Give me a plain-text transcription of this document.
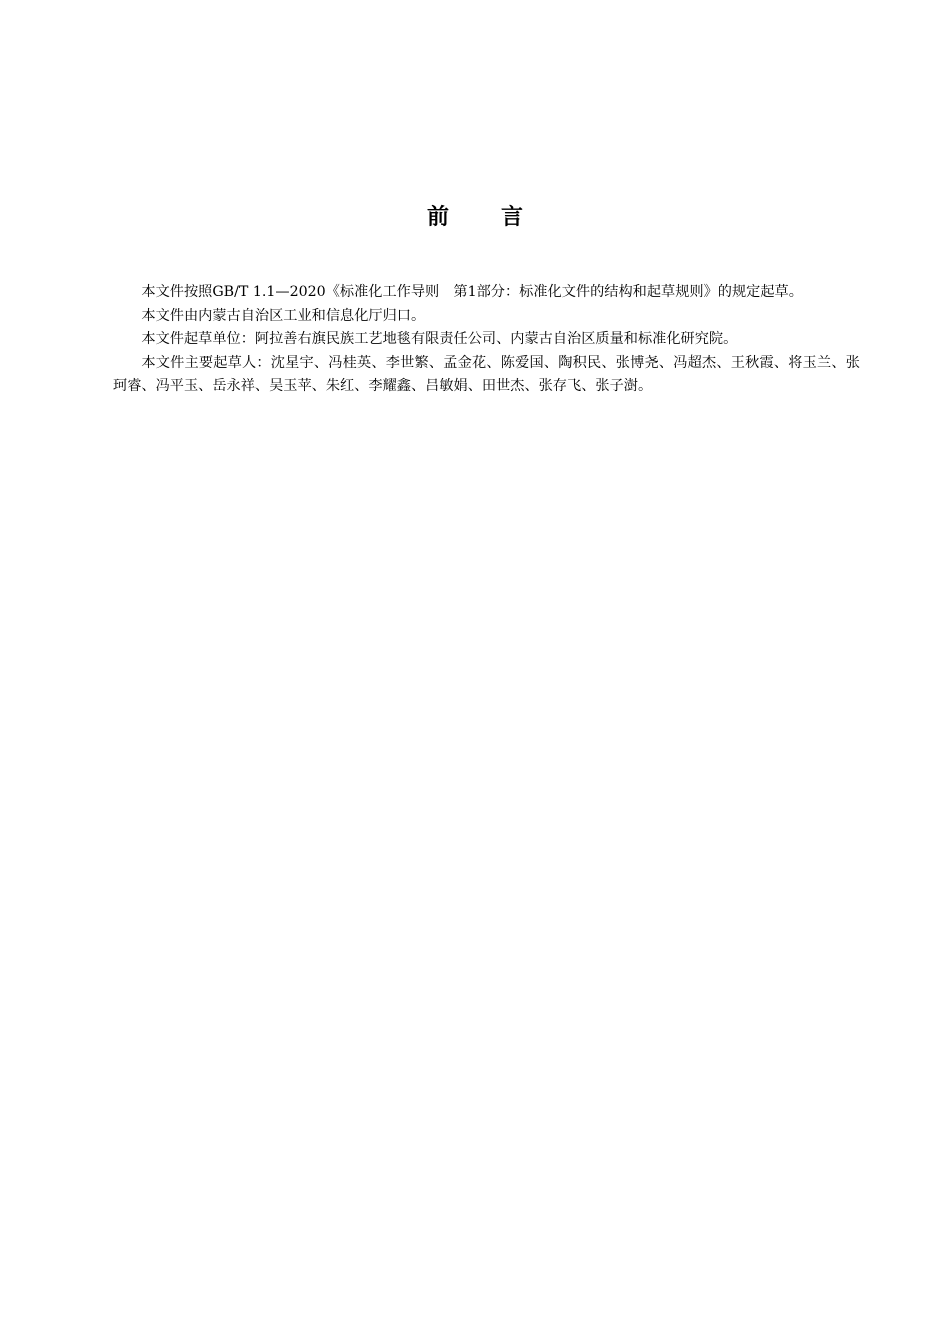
前 言

本文件按照GB/T 1.1—2020《标准化工作导则　第1部分：标准化文件的结构和起草规则》的规定起草。

本文件由内蒙古自治区工业和信息化厅归口。

本文件起草单位：阿拉善右旗民族工艺地毯有限责任公司、内蒙古自治区质量和标准化研究院。

本文件主要起草人：沈星宇、冯桂英、李世繁、孟金花、陈爱国、陶积民、张博尧、冯超杰、王秋霞、将玉兰、张珂睿、冯平玉、岳永祥、吴玉苹、朱红、李耀鑫、吕敏娟、田世杰、张存飞、张子澍。
